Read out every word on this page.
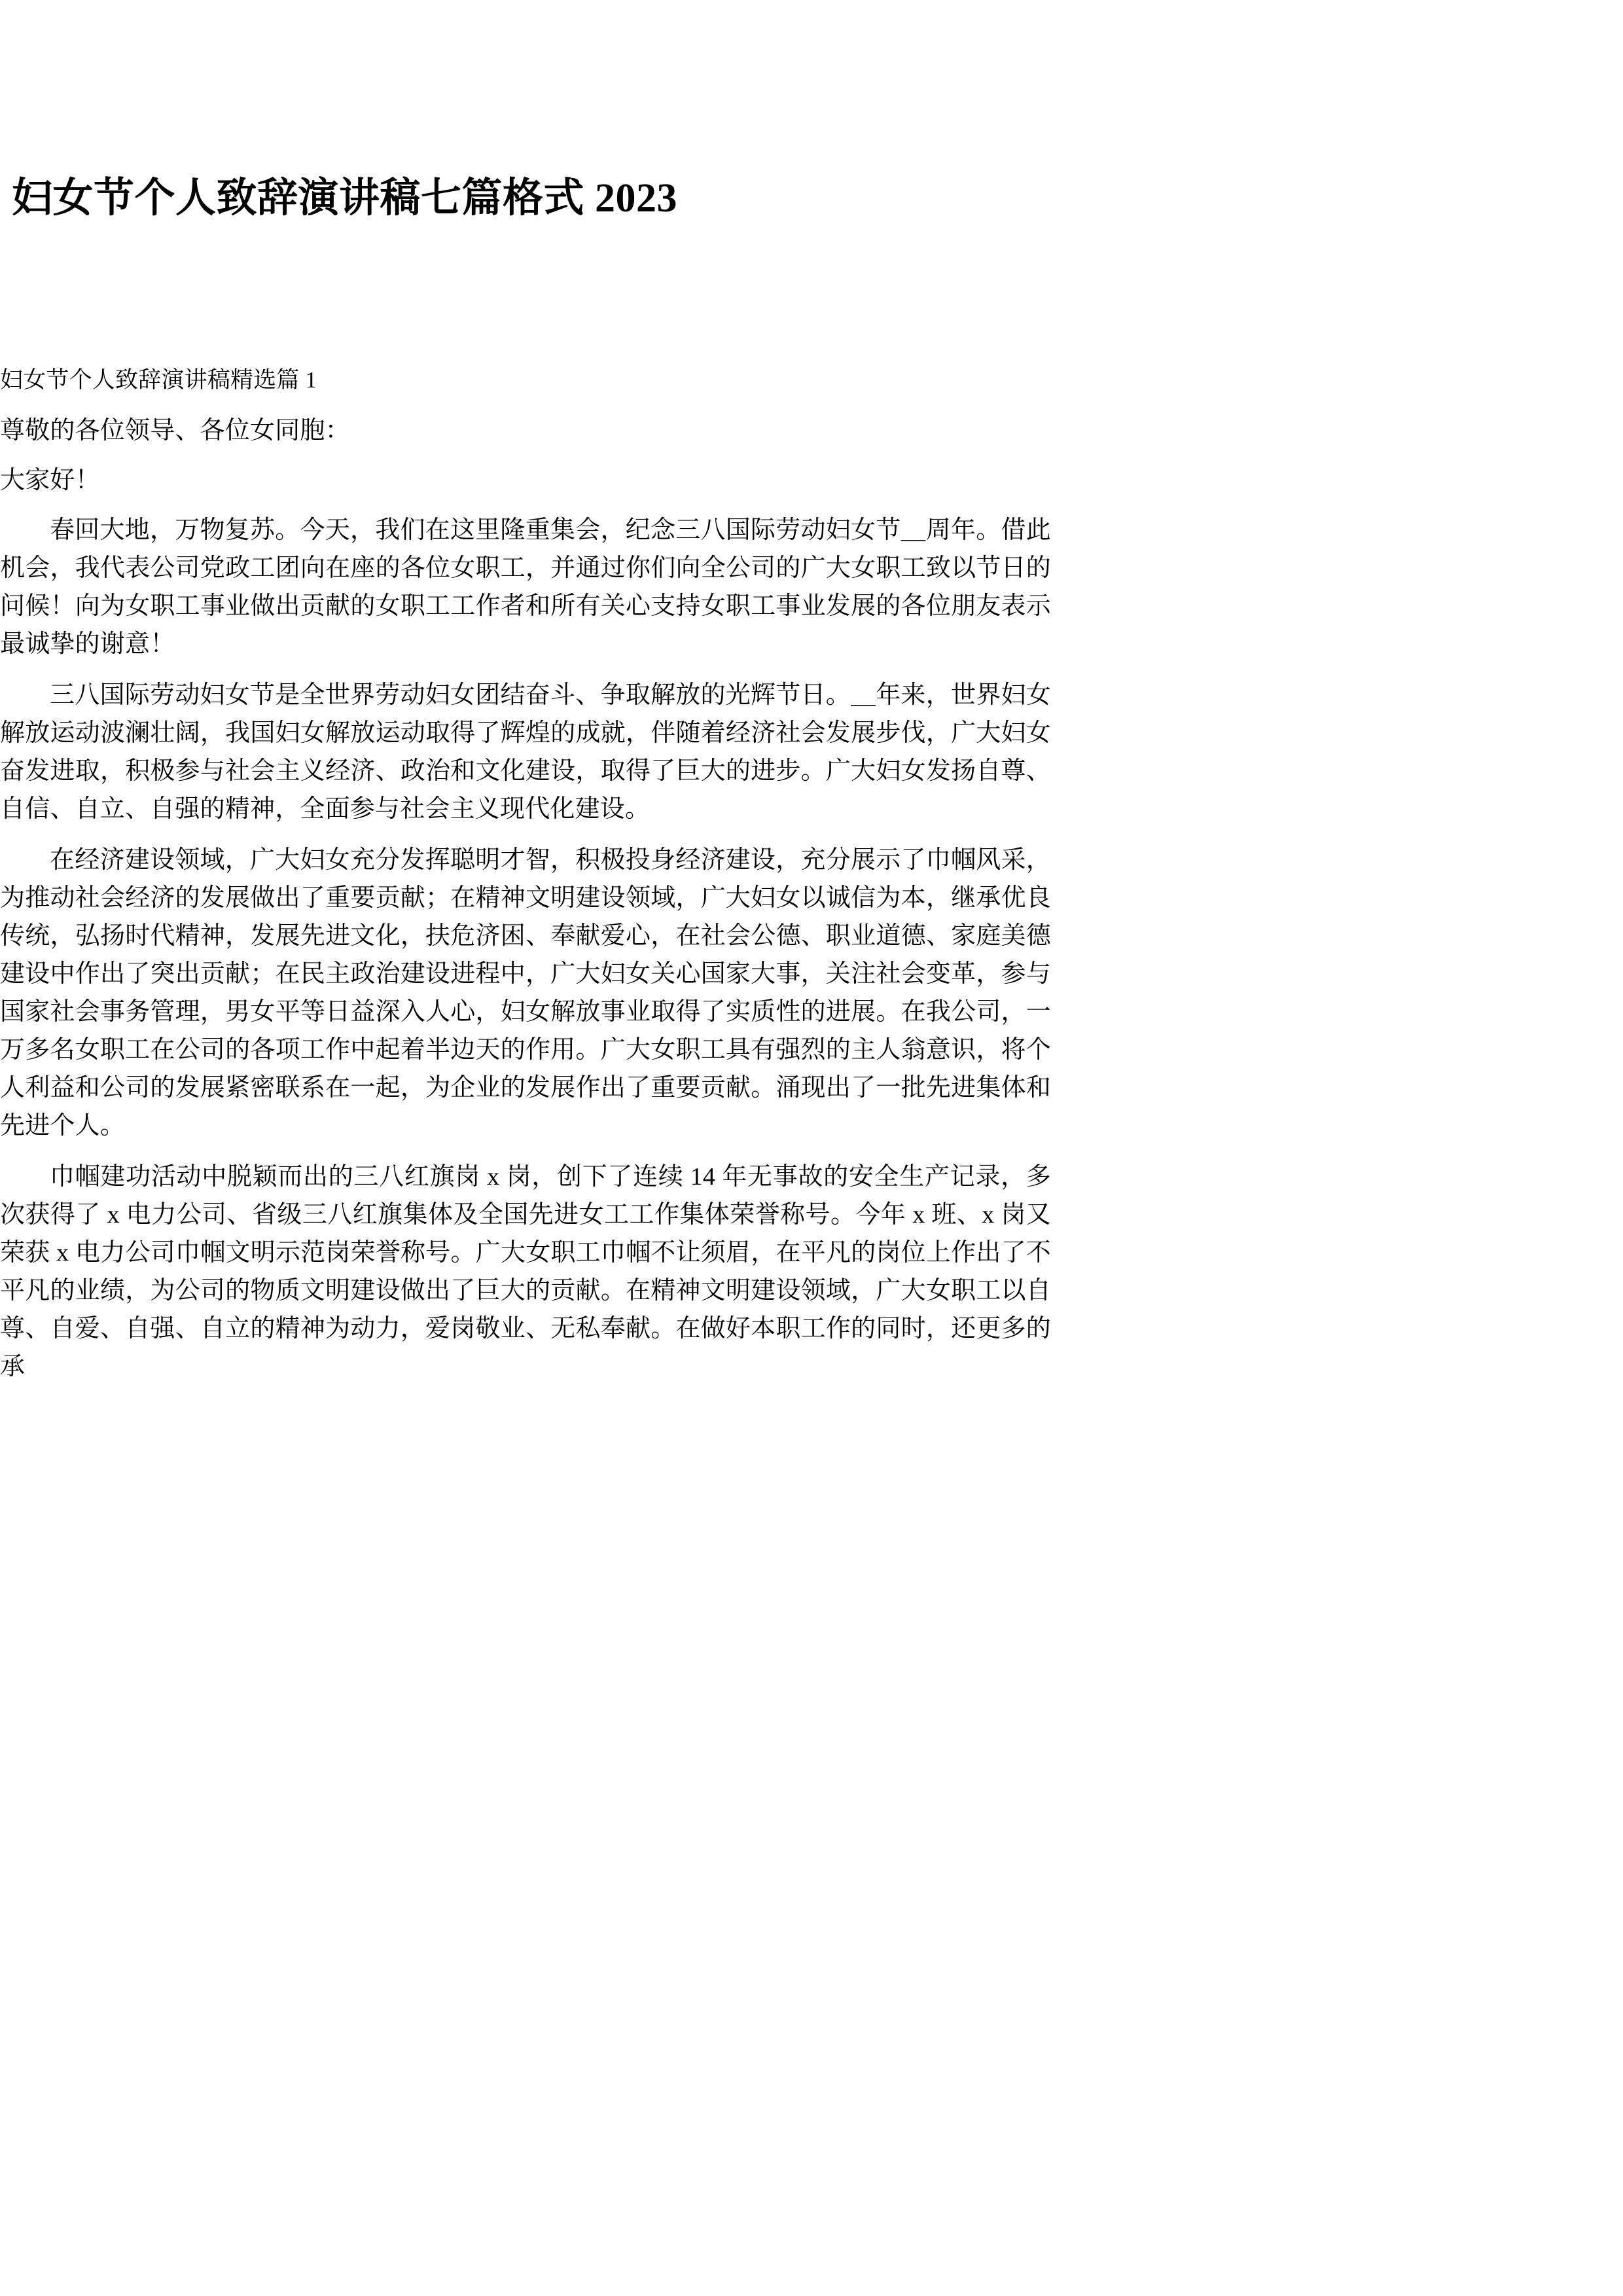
妇女节个人致辞演讲稿七篇格式 2023

妇女节个人致辞演讲稿精选篇 1

尊敬的各位领导、各位女同胞：

大家好！

春回大地，万物复苏。今天，我们在这里隆重集会，纪念三八国际劳动妇女节＿周年。借此机会，我代表公司党政工团向在座的各位女职工，并通过你们向全公司的广大女职工致以节日的问候！向为女职工事业做出贡献的女职工工作者和所有关心支持女职工事业发展的各位朋友表示最诚挚的谢意！

三八国际劳动妇女节是全世界劳动妇女团结奋斗、争取解放的光辉节日。＿年来，世界妇女解放运动波澜壮阔，我国妇女解放运动取得了辉煌的成就，伴随着经济社会发展步伐，广大妇女奋发进取，积极参与社会主义经济、政治和文化建设，取得了巨大的进步。广大妇女发扬自尊、自信、自立、自强的精神，全面参与社会主义现代化建设。

在经济建设领域，广大妇女充分发挥聪明才智，积极投身经济建设，充分展示了巾帼风采，为推动社会经济的发展做出了重要贡献；在精神文明建设领域，广大妇女以诚信为本，继承优良传统，弘扬时代精神，发展先进文化，扶危济困、奉献爱心，在社会公德、职业道德、家庭美德建设中作出了突出贡献；在民主政治建设进程中，广大妇女关心国家大事，关注社会变革，参与国家社会事务管理，男女平等日益深入人心，妇女解放事业取得了实质性的进展。在我公司，一万多名女职工在公司的各项工作中起着半边天的作用。广大女职工具有强烈的主人翁意识，将个人利益和公司的发展紧密联系在一起，为企业的发展作出了重要贡献。涌现出了一批先进集体和先进个人。

巾帼建功活动中脱颖而出的三八红旗岗 x 岗，创下了连续 14 年无事故的安全生产记录，多次获得了 x 电力公司、省级三八红旗集体及全国先进女工工作集体荣誉称号。今年 x 班、x 岗又荣获 x 电力公司巾帼文明示范岗荣誉称号。广大女职工巾帼不让须眉，在平凡的岗位上作出了不平凡的业绩，为公司的物质文明建设做出了巨大的贡献。在精神文明建设领域，广大女职工以自尊、自爱、自强、自立的精神为动力，爱岗敬业、无私奉献。在做好本职工作的同时，还更多的承
